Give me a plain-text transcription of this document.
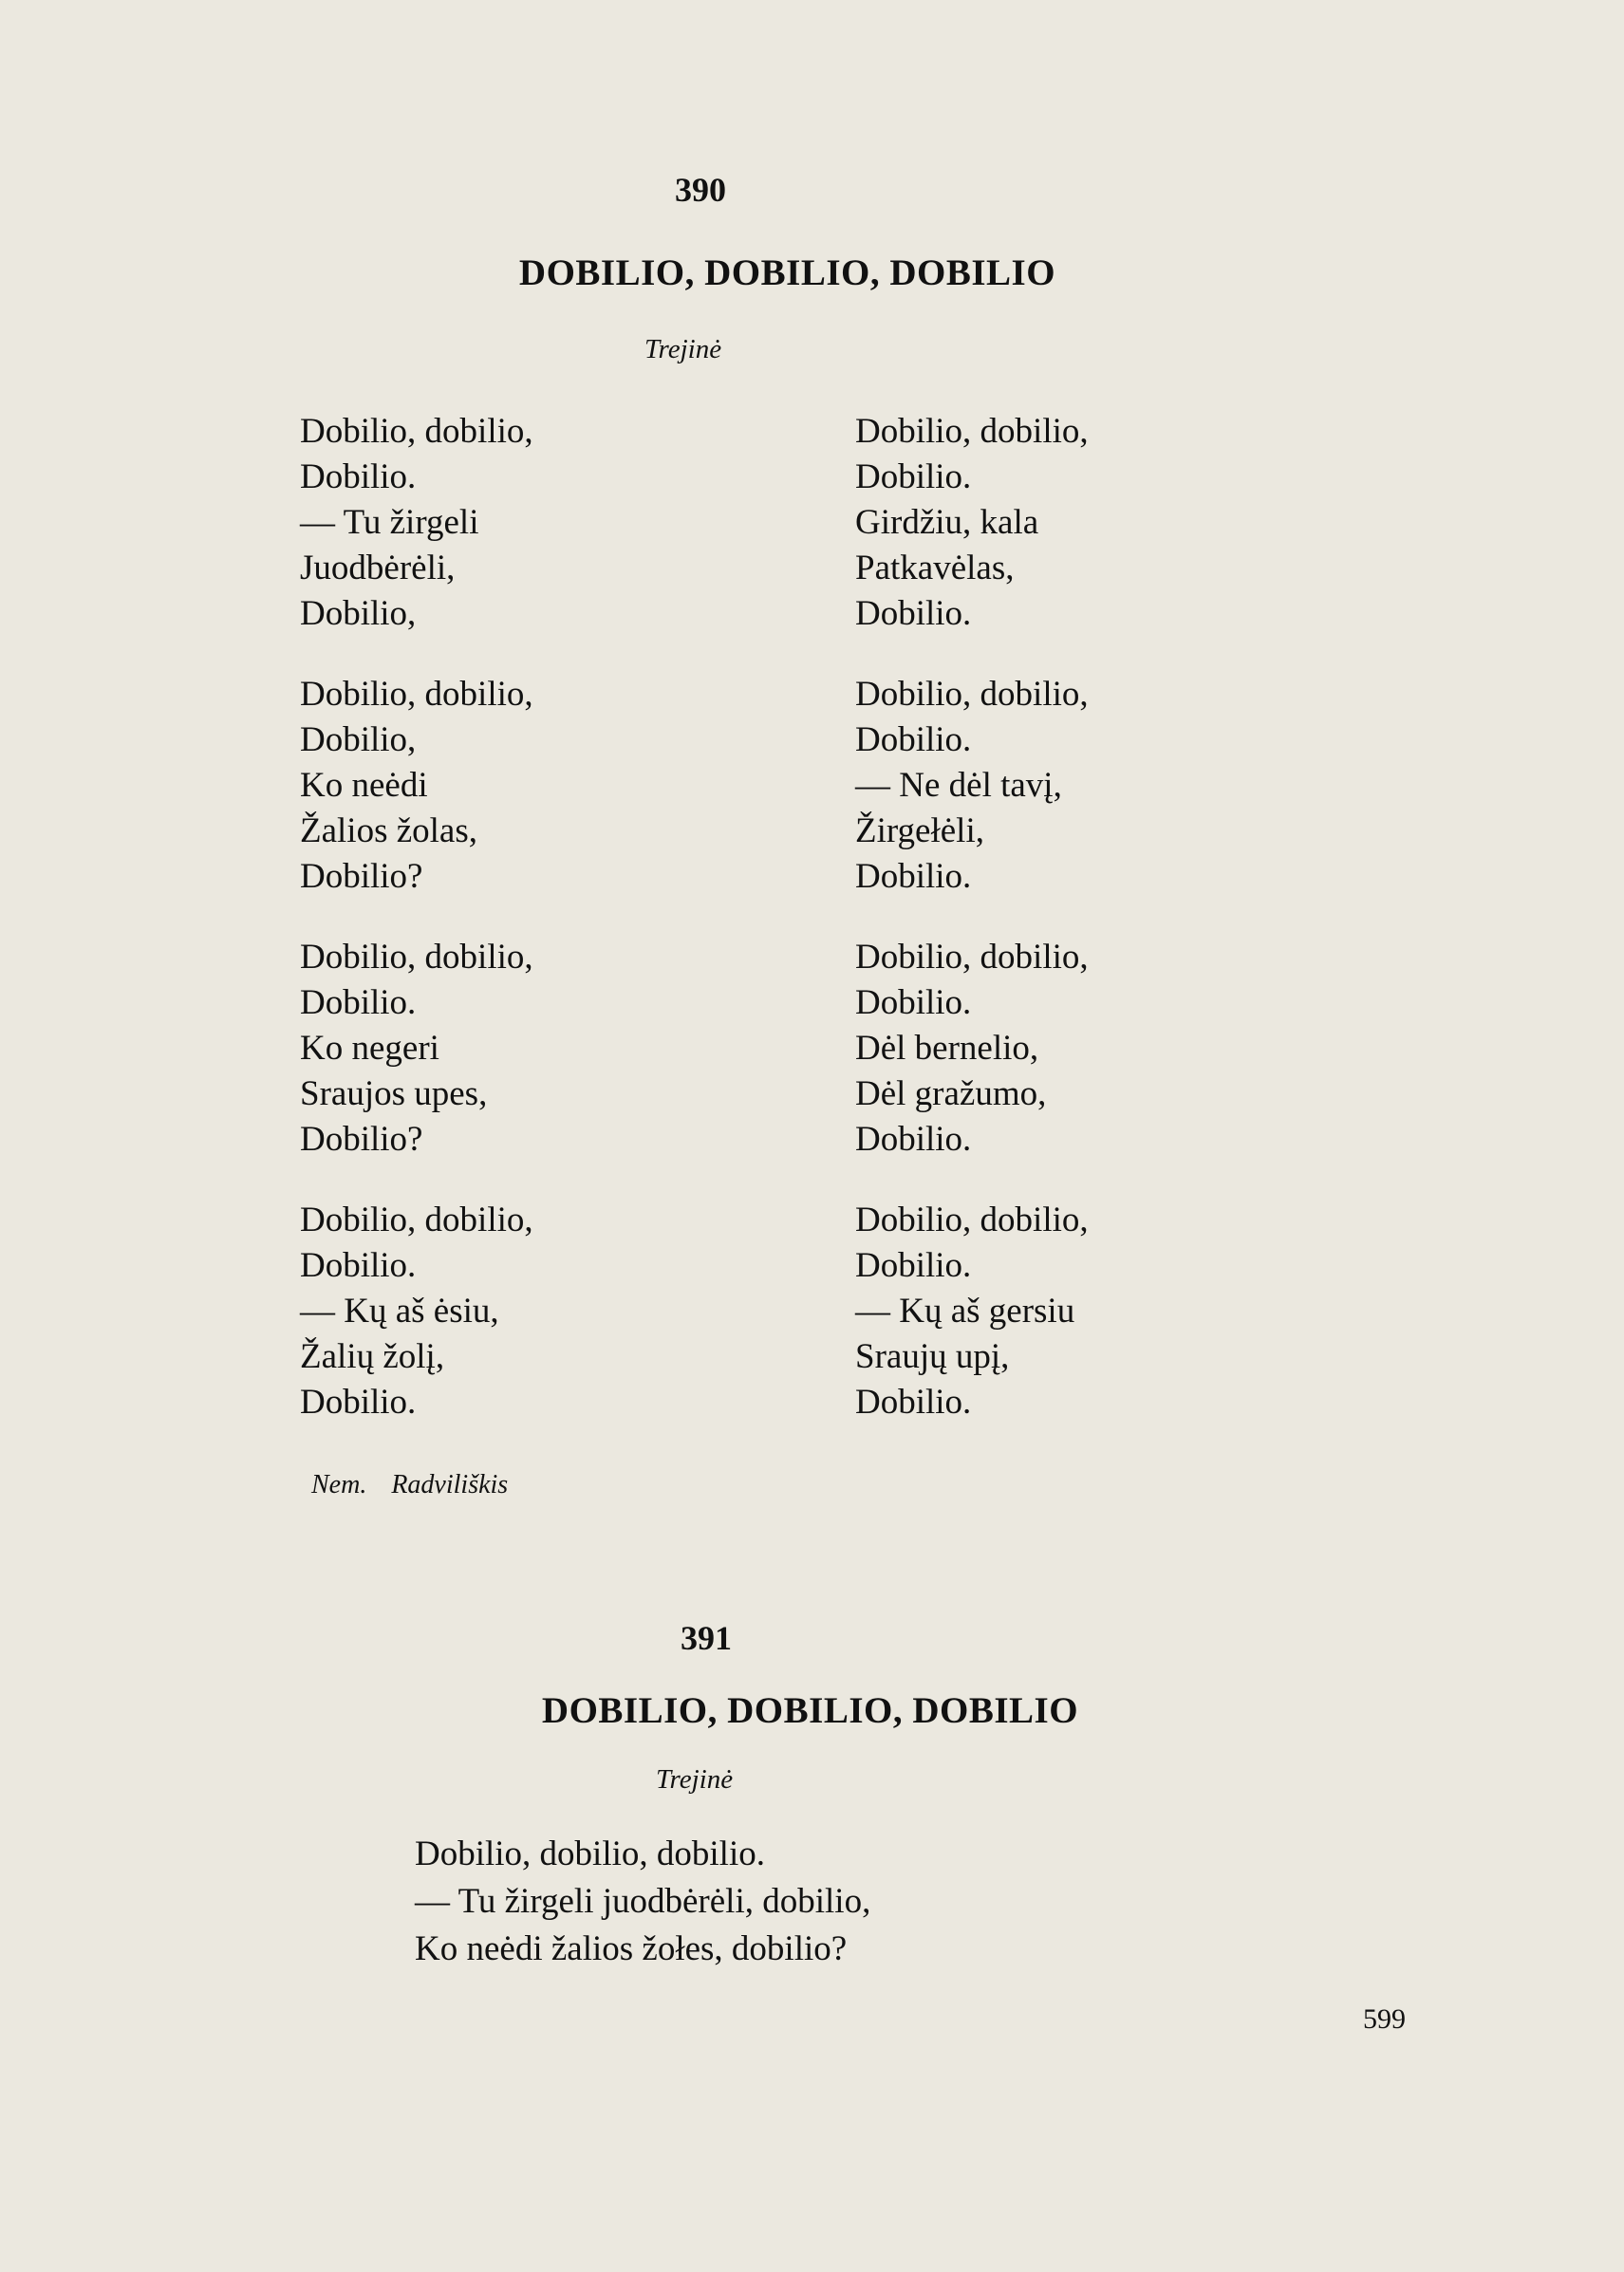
390
DOBILIO, DOBILIO, DOBILIO
Trejinė
Dobilio, dobilio,
Dobilio.
— Tu žirgeli
Juodbėrėli,
Dobilio,
Dobilio, dobilio,
Dobilio,
Ko neėdi
Žalios žolas,
Dobilio?
Dobilio, dobilio,
Dobilio.
Ko negeri
Sraujos upes,
Dobilio?
Dobilio, dobilio,
Dobilio.
— Kų aš ėsiu,
Žalių žolį,
Dobilio.
Dobilio, dobilio,
Dobilio.
Girdžiu, kala
Patkavėlas,
Dobilio.
Dobilio, dobilio,
Dobilio.
— Ne dėl tavį,
Žirgełėli,
Dobilio.
Dobilio, dobilio,
Dobilio.
Dėl bernelio,
Dėl gražumo,
Dobilio.
Dobilio, dobilio,
Dobilio.
— Kų aš gersiu
Sraujų upį,
Dobilio.
Nem. Radviliškis
391
DOBILIO, DOBILIO, DOBILIO
Trejinė
Dobilio, dobilio, dobilio.
— Tu žirgeli juodbėrėli, dobilio,
Ko neėdi žalios žołes, dobilio?
599
